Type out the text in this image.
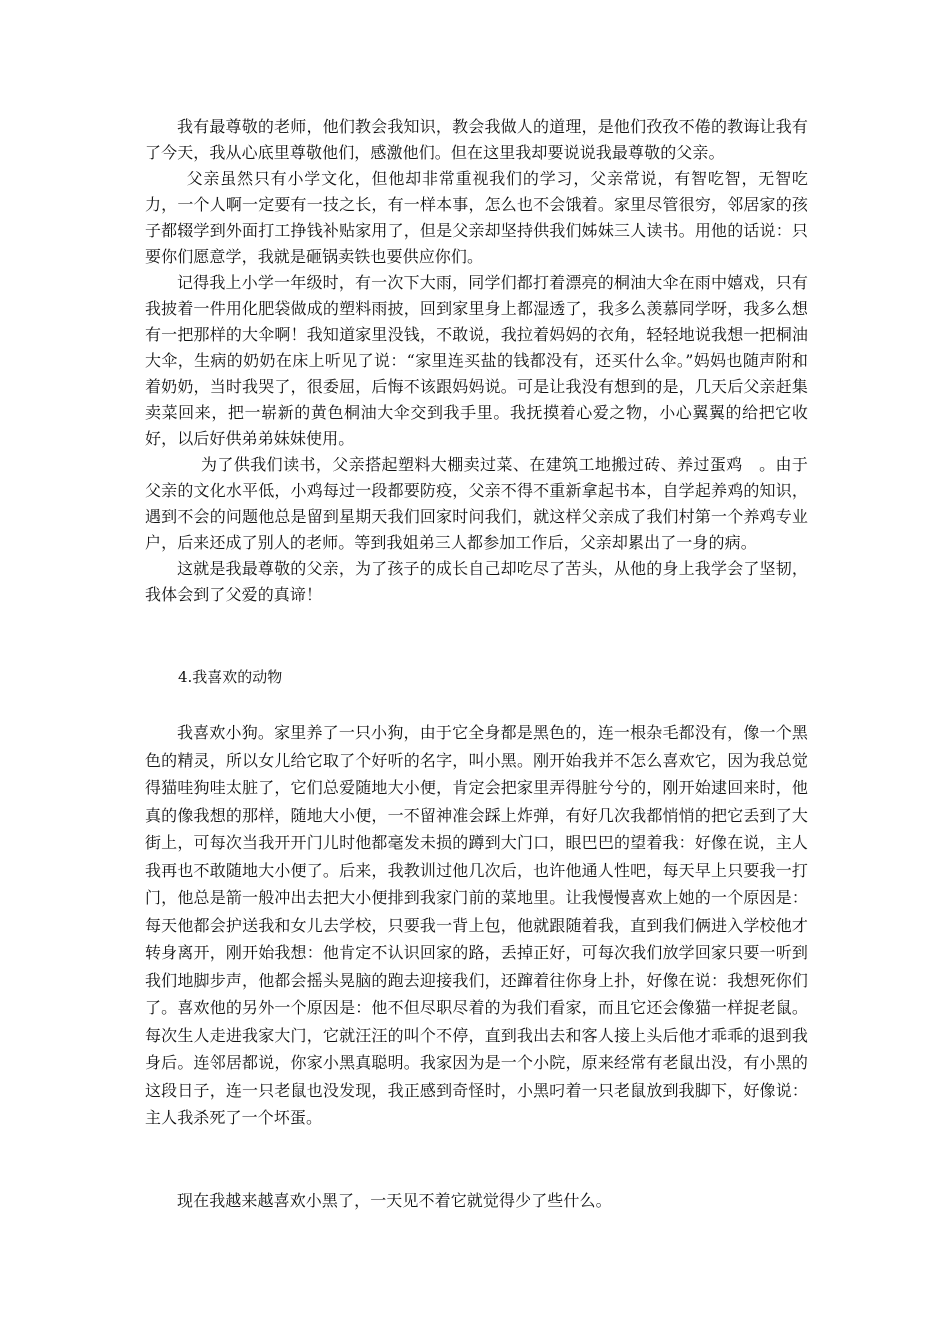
我有最尊敬的老师，他们教会我知识，教会我做人的道理，是他们孜孜不倦的教诲让我有了今天，我从心底里尊敬他们，感激他们。但在这里我却要说说我最尊敬的父亲。

父亲虽然只有小学文化，但他却非常重视我们的学习，父亲常说，有智吃智，无智吃力，一个人啊一定要有一技之长，有一样本事，怎么也不会饿着。家里尽管很穷，邻居家的孩子都辍学到外面打工挣钱补贴家用了，但是父亲却坚持供我们姊妹三人读书。用他的话说：只要你们愿意学，我就是砸锅卖铁也要供应你们。

记得我上小学一年级时，有一次下大雨，同学们都打着漂亮的桐油大伞在雨中嬉戏，只有我披着一件用化肥袋做成的塑料雨披，回到家里身上都湿透了，我多么羡慕同学呀，我多么想有一把那样的大伞啊！我知道家里没钱，不敢说，我拉着妈妈的衣角，轻轻地说我想一把桐油大伞，生病的奶奶在床上听见了说：“家里连买盐的钱都没有，还买什么伞。”妈妈也随声附和着奶奶，当时我哭了，很委屈，后悔不该跟妈妈说。可是让我没有想到的是，几天后父亲赶集卖菜回来，把一崭新的黄色桐油大伞交到我手里。我抚摸着心爱之物，小心翼翼的给把它收好，以后好供弟弟妹妹使用。

为了供我们读书，父亲搭起塑料大棚卖过菜、在建筑工地搬过砖、养过蛋鸡　。由于父亲的文化水平低，小鸡每过一段都要防疫，父亲不得不重新拿起书本，自学起养鸡的知识，遇到不会的问题他总是留到星期天我们回家时问我们，就这样父亲成了我们村第一个养鸡专业户，后来还成了别人的老师。等到我姐弟三人都参加工作后，父亲却累出了一身的病。

这就是我最尊敬的父亲，为了孩子的成长自己却吃尽了苦头，从他的身上我学会了坚韧，我体会到了父爱的真谛！

4.我喜欢的动物

我喜欢小狗。家里养了一只小狗，由于它全身都是黑色的，连一根杂毛都没有，像一个黑色的精灵，所以女儿给它取了个好听的名字，叫小黑。刚开始我并不怎么喜欢它，因为我总觉得猫哇狗哇太脏了，它们总爱随地大小便，肯定会把家里弄得脏兮兮的，刚开始逮回来时，他真的像我想的那样，随地大小便，一不留神准会踩上炸弹，有好几次我都悄悄的把它丢到了大街上，可每次当我开开门儿时他都毫发未损的蹲到大门口，眼巴巴的望着我：好像在说，主人我再也不敢随地大小便了。后来，我教训过他几次后，也许他通人性吧，每天早上只要我一打门，他总是箭一般冲出去把大小便排到我家门前的菜地里。让我慢慢喜欢上她的一个原因是：每天他都会护送我和女儿去学校，只要我一背上包，他就跟随着我，直到我们俩进入学校他才转身离开，刚开始我想：他肯定不认识回家的路，丢掉正好，可每次我们放学回家只要一听到我们地脚步声，他都会摇头晃脑的跑去迎接我们，还蹿着往你身上扑，好像在说：我想死你们了。喜欢他的另外一个原因是：他不但尽职尽着的为我们看家，而且它还会像猫一样捉老鼠。每次生人走进我家大门，它就汪汪的叫个不停，直到我出去和客人接上头后他才乖乖的退到我身后。连邻居都说，你家小黑真聪明。我家因为是一个小院，原来经常有老鼠出没，有小黑的这段日子，连一只老鼠也没发现，我正感到奇怪时，小黑叼着一只老鼠放到我脚下，好像说：主人我杀死了一个坏蛋。

现在我越来越喜欢小黑了，一天见不着它就觉得少了些什么。
